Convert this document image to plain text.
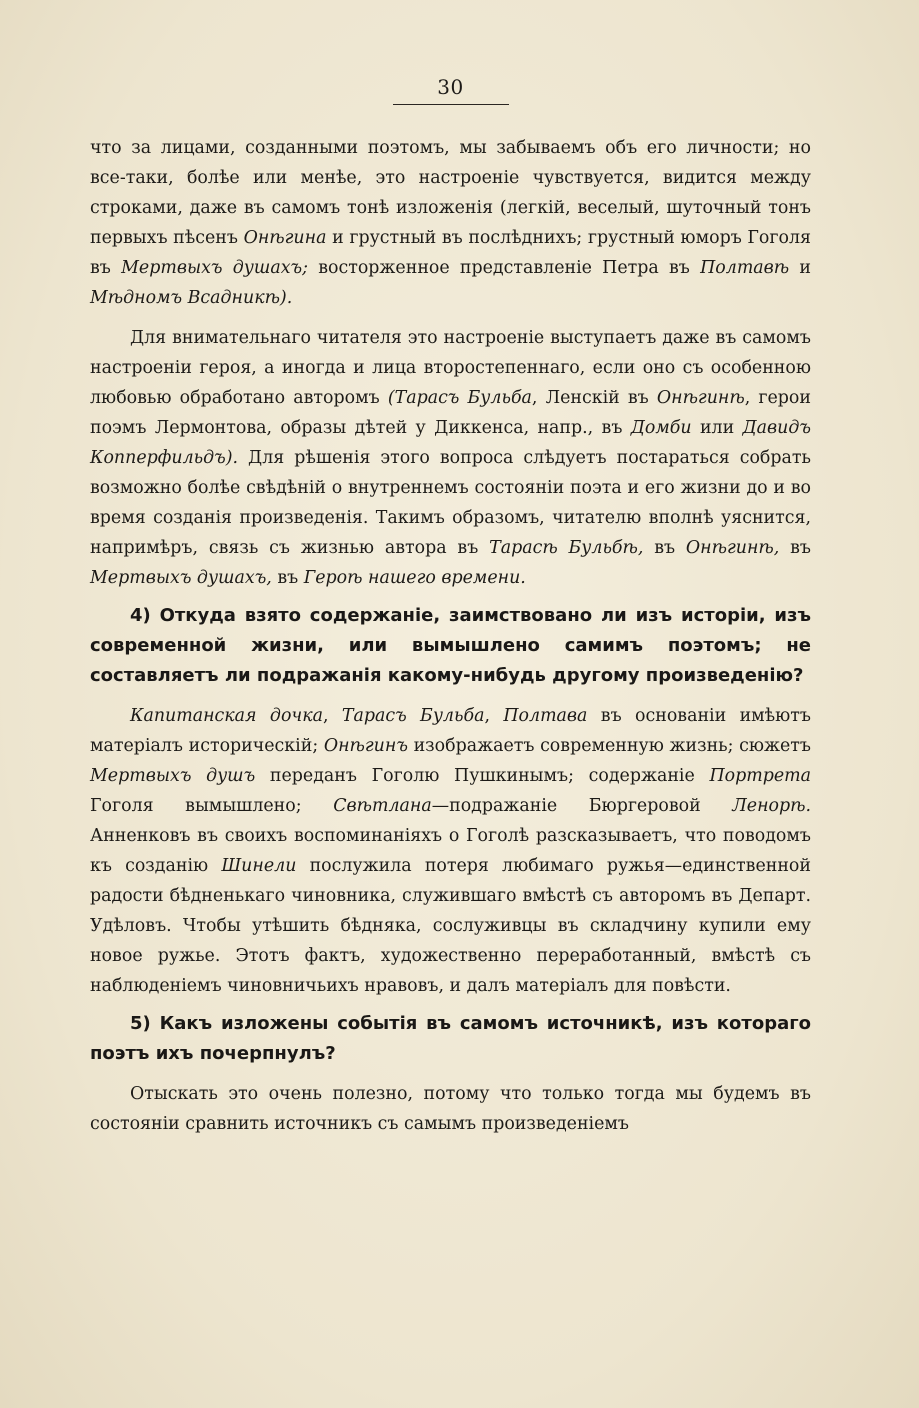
30

что за лицами, созданными поэтомъ, мы забываемъ объ его личности; но все-таки, болѣе или менѣе, это настроеніе чувствуется, видится между строками, даже въ самомъ тонѣ изложенія (легкій, веселый, шуточный тонъ первыхъ пѣсенъ Онѣгина и грустный въ послѣднихъ; грустный юморъ Гоголя въ Мертвыхъ душахъ; восторженное представленіе Петра въ Полтавѣ и Мѣдномъ Всадникѣ).

Для внимательнаго читателя это настроеніе выступаетъ даже въ самомъ настроеніи героя, а иногда и лица второстепеннаго, если оно съ особенною любовью обработано авторомъ (Тарасъ Бульба, Ленскій въ Онѣгинѣ, герои поэмъ Лермонтова, образы дѣтей у Диккенса, напр., въ Домби или Давидъ Копперфильдъ). Для рѣшенія этого вопроса слѣдуетъ постараться собрать возможно болѣе свѣдѣній о внутреннемъ состояніи поэта и его жизни до и во время созданія произведенія. Такимъ образомъ, читателю вполнѣ уяснится, напримѣръ, связь съ жизнью автора въ Тарасѣ Бульбѣ, въ Онѣгинѣ, въ Мертвыхъ душахъ, въ Героѣ нашего времени.

4) Откуда взято содержаніе, заимствовано ли изъ исторіи, изъ современной жизни, или вымышлено самимъ поэтомъ; не составляетъ ли подражанія какому-нибудь другому произведенію?

Капитанская дочка, Тарасъ Бульба, Полтава въ основаніи имѣютъ матеріалъ историческій; Онѣгинъ изображаетъ современную жизнь; сюжетъ Мертвыхъ душъ переданъ Гоголю Пушкинымъ; содержаніе Портрета Гоголя вымышлено; Свѣтлана—подражаніе Бюргеровой Ленорѣ. Анненковъ въ своихъ воспоминаніяхъ о Гоголѣ разсказываетъ, что поводомъ къ созданію Шинели послужила потеря любимаго ружья—единственной радости бѣдненькаго чиновника, служившаго вмѣстѣ съ авторомъ въ Департ. Удѣловъ. Чтобы утѣшить бѣдняка, сослуживцы въ складчину купили ему новое ружье. Этотъ фактъ, художественно переработанный, вмѣстѣ съ наблюденіемъ чиновничьихъ нравовъ, и далъ матеріалъ для повѣсти.

5) Какъ изложены событія въ самомъ источникѣ, изъ котораго поэтъ ихъ почерпнулъ?

Отыскать это очень полезно, потому что только тогда мы будемъ въ состояніи сравнить источникъ съ самымъ произведеніемъ
